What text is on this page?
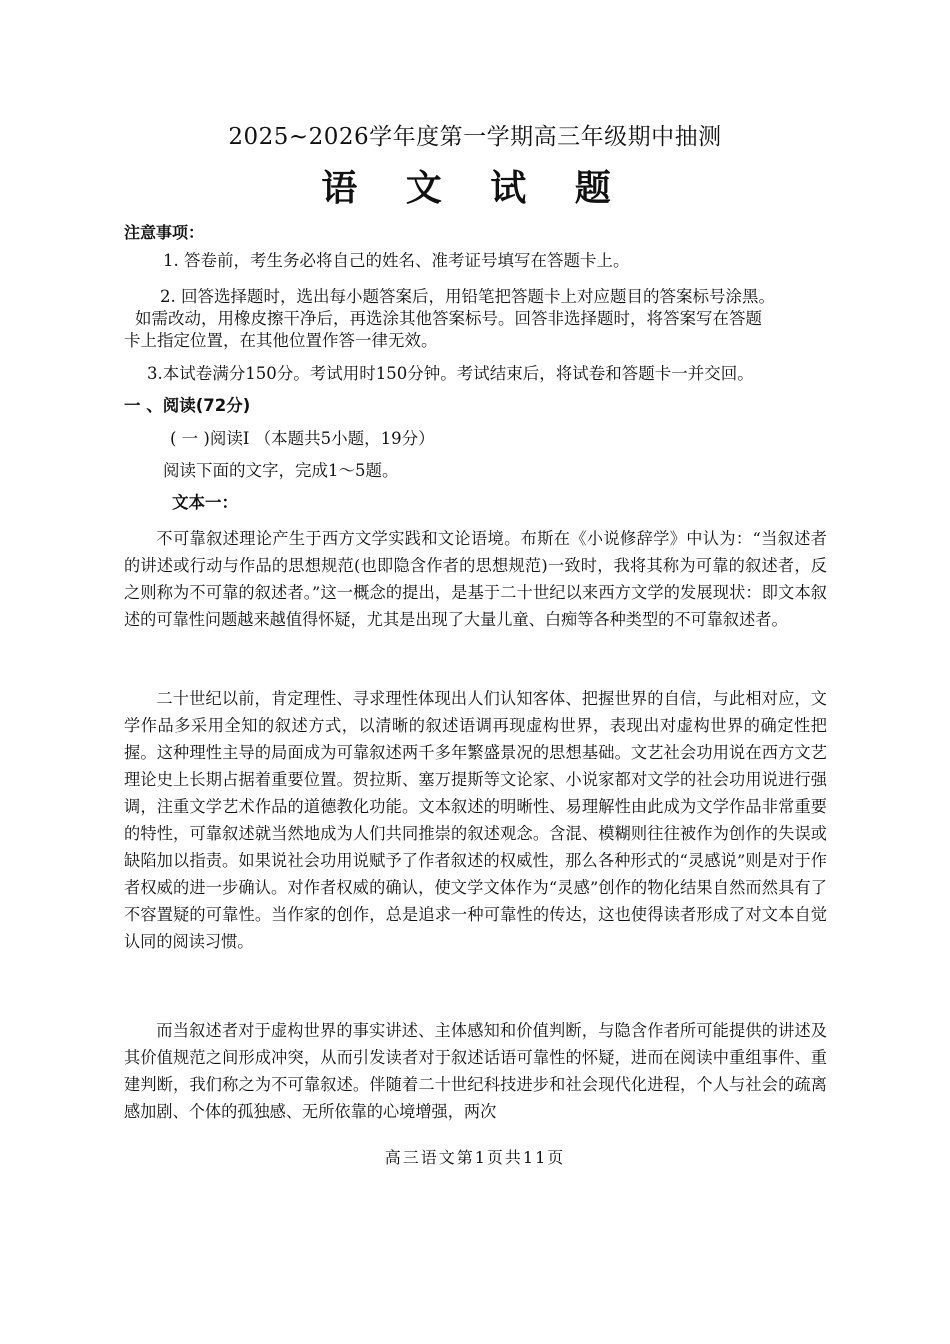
2025~2026学年度第一学期高三年级期中抽测
语 文 试 题
注意事项：
1. 答卷前，考生务必将自己的姓名、准考证号填写在答题卡上。
2. 回答选择题时，选出每小题答案后，用铅笔把答题卡上对应题目的答案标号涂黑。
如需改动，用橡皮擦干净后，再选涂其他答案标号。回答非选择题时，将答案写在答题
卡上指定位置，在其他位置作答一律无效。
3.本试卷满分150分。考试用时150分钟。考试结束后，将试卷和答题卡一并交回。
一 、阅读(72分)
( 一 )阅读Ⅰ （本题共5小题，19分）
阅读下面的文字，完成1～5题。
文本一：
不可靠叙述理论产生于西方文学实践和文论语境。布斯在《小说修辞学》中认为：“当叙述者的讲述或行动与作品的思想规范(也即隐含作者的思想规范)一致时，我将其称为可靠的叙述者，反之则称为不可靠的叙述者。”这一概念的提出，是基于二十世纪以来西方文学的发展现状：即文本叙述的可靠性问题越来越值得怀疑，尤其是出现了大量儿童、白痴等各种类型的不可靠叙述者。
二十世纪以前，肯定理性、寻求理性体现出人们认知客体、把握世界的自信，与此相对应，文学作品多采用全知的叙述方式，以清晰的叙述语调再现虚构世界，表现出对虚构世界的确定性把握。这种理性主导的局面成为可靠叙述两千多年繁盛景况的思想基础。文艺社会功用说在西方文艺理论史上长期占据着重要位置。贺拉斯、塞万提斯等文论家、小说家都对文学的社会功用说进行强调，注重文学艺术作品的道德教化功能。文本叙述的明晰性、易理解性由此成为文学作品非常重要的特性，可靠叙述就当然地成为人们共同推崇的叙述观念。含混、模糊则往往被作为创作的失误或缺陷加以指责。如果说社会功用说赋予了作者叙述的权威性，那么各种形式的“灵感说”则是对于作者权威的进一步确认。对作者权威的确认，使文学文体作为“灵感”创作的物化结果自然而然具有了不容置疑的可靠性。当作家的创作，总是追求一种可靠性的传达，这也使得读者形成了对文本自觉认同的阅读习惯。
而当叙述者对于虚构世界的事实讲述、主体感知和价值判断，与隐含作者所可能提供的讲述及其价值规范之间形成冲突，从而引发读者对于叙述话语可靠性的怀疑，进而在阅读中重组事件、重建判断，我们称之为不可靠叙述。伴随着二十世纪科技进步和社会现代化进程，个人与社会的疏离感加剧、个体的孤独感、无所依靠的心境增强，两次
高三语文第1页共11页
